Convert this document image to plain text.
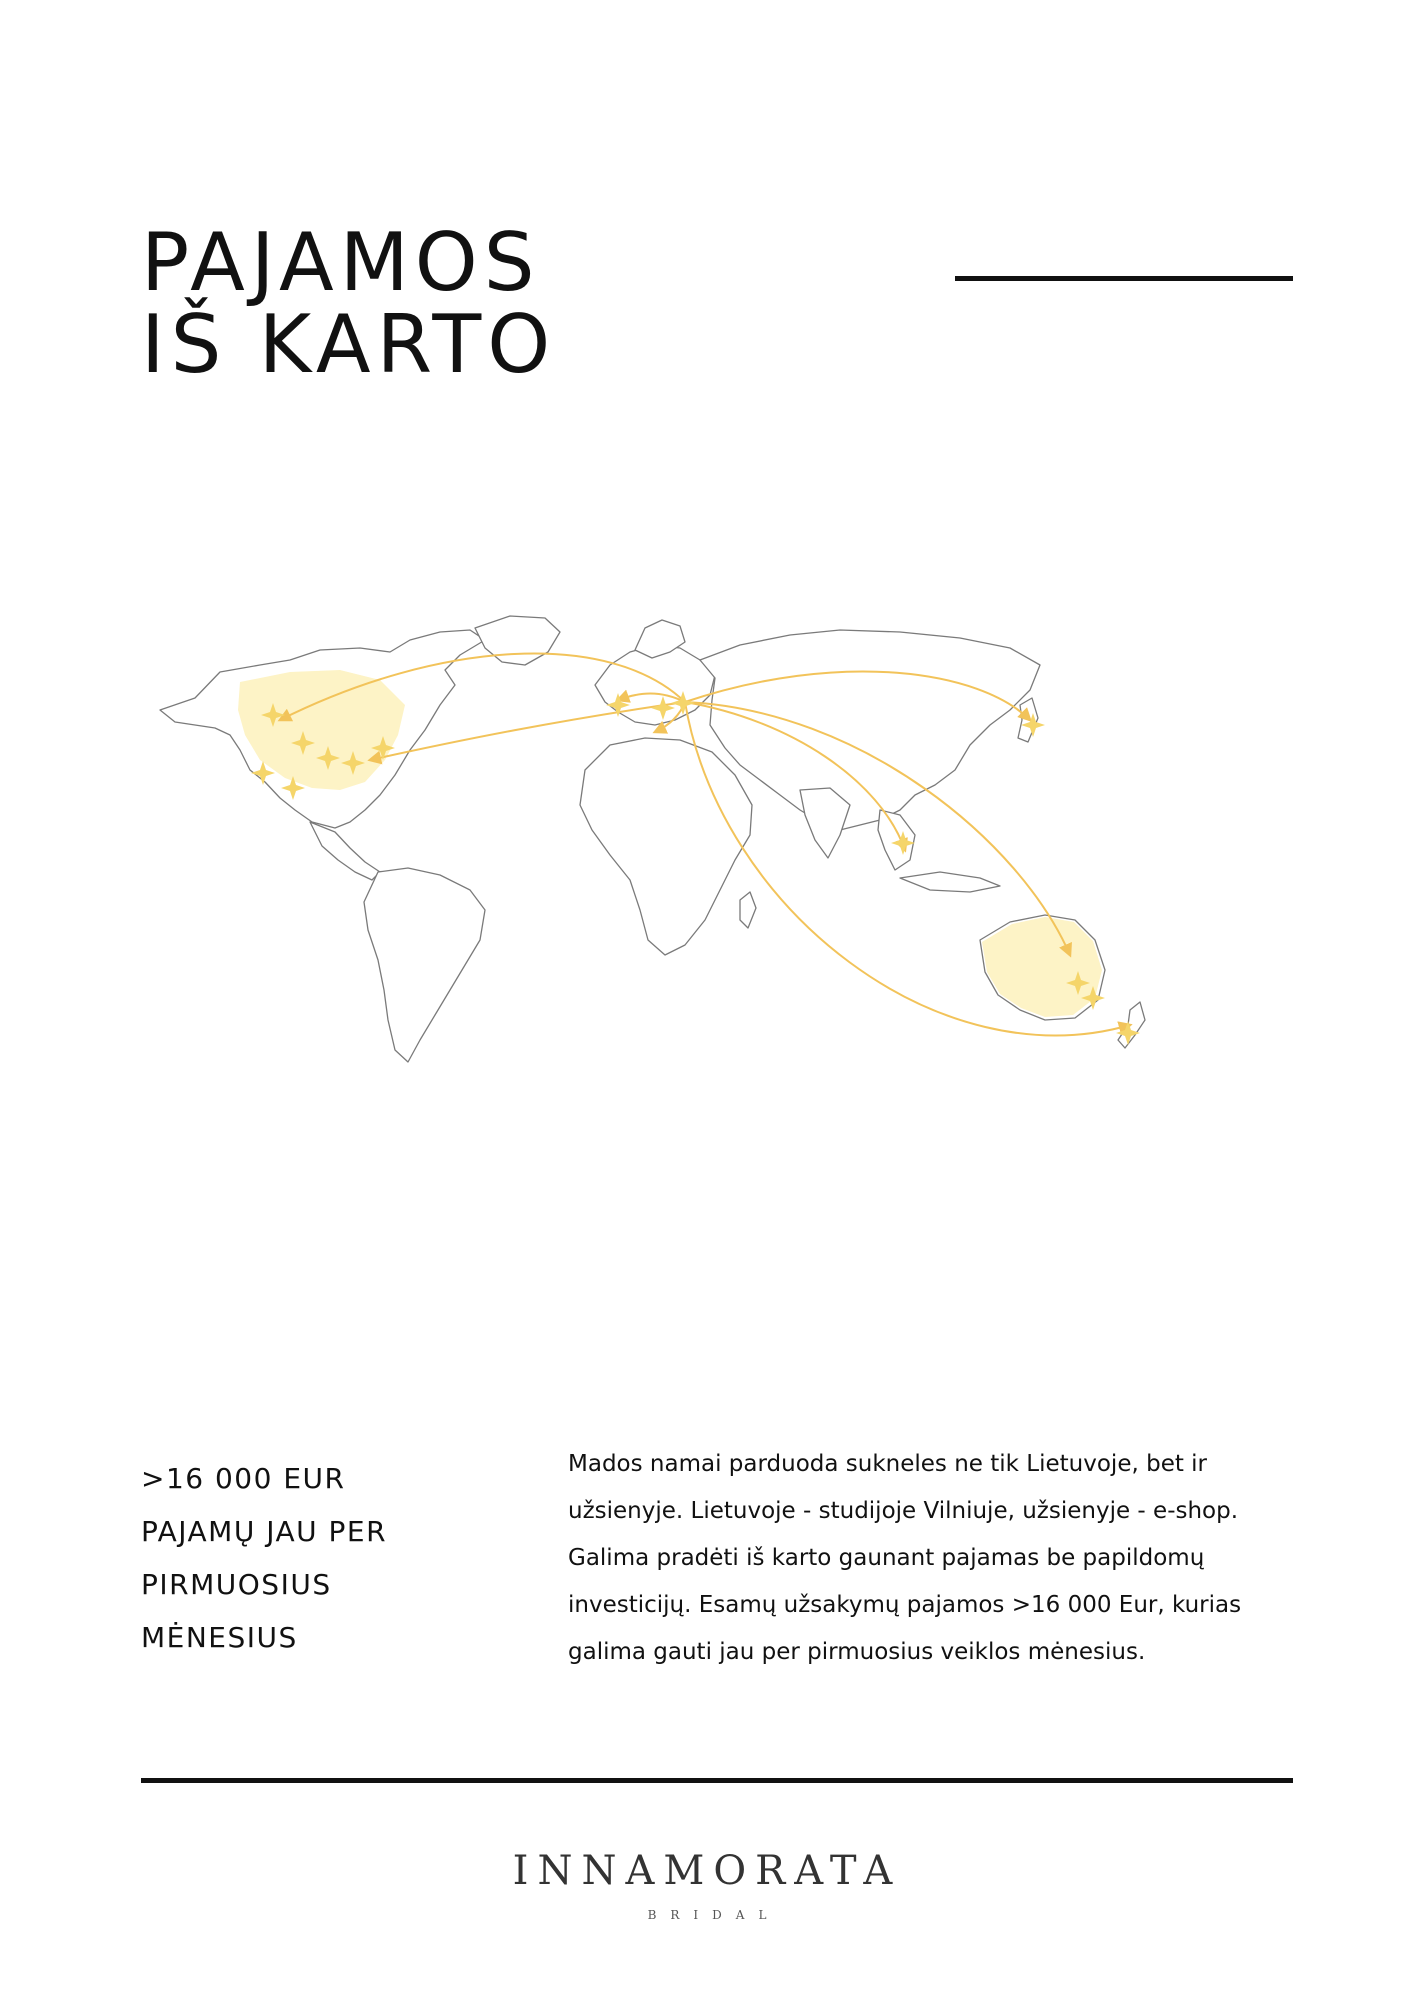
PAJAMOS
IŠ KARTO
>16 000 EUR
PAJAMŲ JAU PER
PIRMUOSIUS
MĖNESIUS
Mados namai parduoda sukneles ne tik Lietuvoje, bet ir
užsienyje. Lietuvoje - studijoje Vilniuje, užsienyje - e-shop.
Galima pradėti iš karto gaunant pajamas be papildomų
investicijų. Esamų užsakymų pajamos >16 000 Eur, kurias
galima gauti jau per pirmuosius veiklos mėnesius.
INNAMORATA
BRIDAL
